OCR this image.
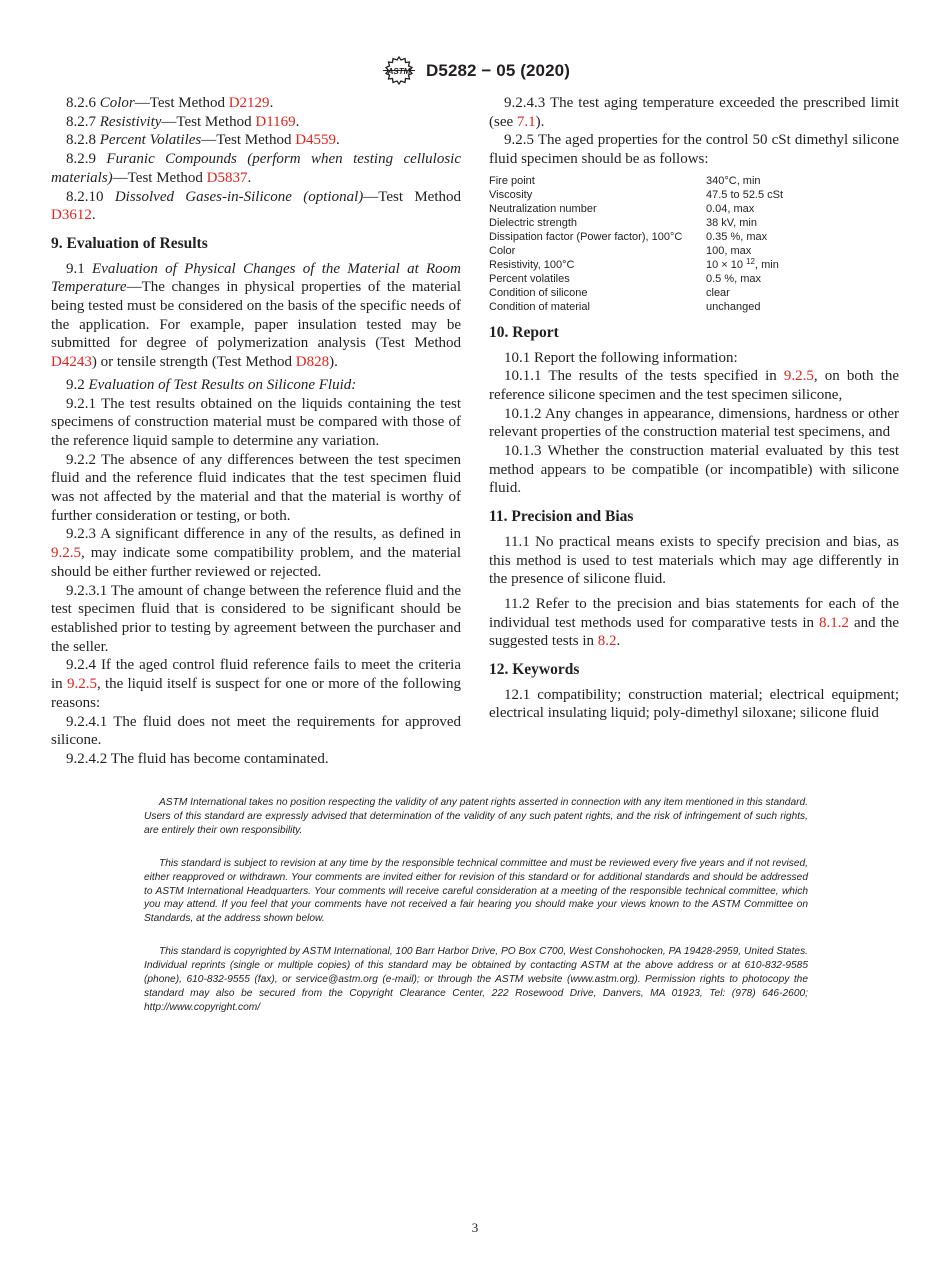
ASTM D5282 − 05 (2020)

8.2.6 Color—Test Method D2129.

8.2.7 Resistivity—Test Method D1169.

8.2.8 Percent Volatiles—Test Method D4559.

8.2.9 Furanic Compounds (perform when testing cellulosic materials)—Test Method D5837.

8.2.10 Dissolved Gases-in-Silicone (optional)—Test Method D3612.

9. Evaluation of Results

9.1 Evaluation of Physical Changes of the Material at Room Temperature—The changes in physical properties of the material being tested must be considered on the basis of the specific needs of the application. For example, paper insulation tested may be submitted for degree of polymerization analysis (Test Method D4243) or tensile strength (Test Method D828).

9.2 Evaluation of Test Results on Silicone Fluid:

9.2.1 The test results obtained on the liquids containing the test specimens of construction material must be compared with those of the reference liquid sample to determine any variation.

9.2.2 The absence of any differences between the test specimen fluid and the reference fluid indicates that the test specimen fluid was not affected by the material and that the material is worthy of further consideration or testing, or both.

9.2.3 A significant difference in any of the results, as defined in 9.2.5, may indicate some compatibility problem, and the material should be either further reviewed or rejected.

9.2.3.1 The amount of change between the reference fluid and the test specimen fluid that is considered to be significant should be established prior to testing by agreement between the purchaser and the seller.

9.2.4 If the aged control fluid reference fails to meet the criteria in 9.2.5, the liquid itself is suspect for one or more of the following reasons:

9.2.4.1 The fluid does not meet the requirements for approved silicone.

9.2.4.2 The fluid has become contaminated.

9.2.4.3 The test aging temperature exceeded the prescribed limit (see 7.1).

9.2.5 The aged properties for the control 50 cSt dimethyl silicone fluid specimen should be as follows:

Fire point	340°C, min
Viscosity	47.5 to 52.5 cSt
Neutralization number	0.04, max
Dielectric strength	38 kV, min
Dissipation factor (Power factor), 100°C	0.35 %, max
Color	100, max
Resistivity, 100°C	10 × 10 $^{12}$, min
Percent volatiles	0.5 %, max
Condition of silicone	clear
Condition of material	unchanged
10. Report

10.1 Report the following information:

10.1.1 The results of the tests specified in 9.2.5, on both the reference silicone specimen and the test specimen silicone,

10.1.2 Any changes in appearance, dimensions, hardness or other relevant properties of the construction material test specimens, and

10.1.3 Whether the construction material evaluated by this test method appears to be compatible (or incompatible) with silicone fluid.

11. Precision and Bias

11.1 No practical means exists to specify precision and bias, as this method is used to test materials which may age differently in the presence of silicone fluid.

11.2 Refer to the precision and bias statements for each of the individual test methods used for comparative tests in 8.1.2 and the suggested tests in 8.2.

12. Keywords

12.1 compatibility; construction material; electrical equipment; electrical insulating liquid; poly-dimethyl siloxane; silicone fluid

ASTM International takes no position respecting the validity of any patent rights asserted in connection with any item mentioned in this standard. Users of this standard are expressly advised that determination of the validity of any such patent rights, and the risk of infringement of such rights, are entirely their own responsibility.

This standard is subject to revision at any time by the responsible technical committee and must be reviewed every five years and if not revised, either reapproved or withdrawn. Your comments are invited either for revision of this standard or for additional standards and should be addressed to ASTM International Headquarters. Your comments will receive careful consideration at a meeting of the responsible technical committee, which you may attend. If you feel that your comments have not received a fair hearing you should make your views known to the ASTM Committee on Standards, at the address shown below.

This standard is copyrighted by ASTM International, 100 Barr Harbor Drive, PO Box C700, West Conshohocken, PA 19428-2959, United States. Individual reprints (single or multiple copies) of this standard may be obtained by contacting ASTM at the above address or at 610-832-9585 (phone), 610-832-9555 (fax), or service@astm.org (e-mail); or through the ASTM website (www.astm.org). Permission rights to photocopy the standard may also be secured from the Copyright Clearance Center, 222 Rosewood Drive, Danvers, MA 01923, Tel: (978) 646-2600; http://www.copyright.com/

3
